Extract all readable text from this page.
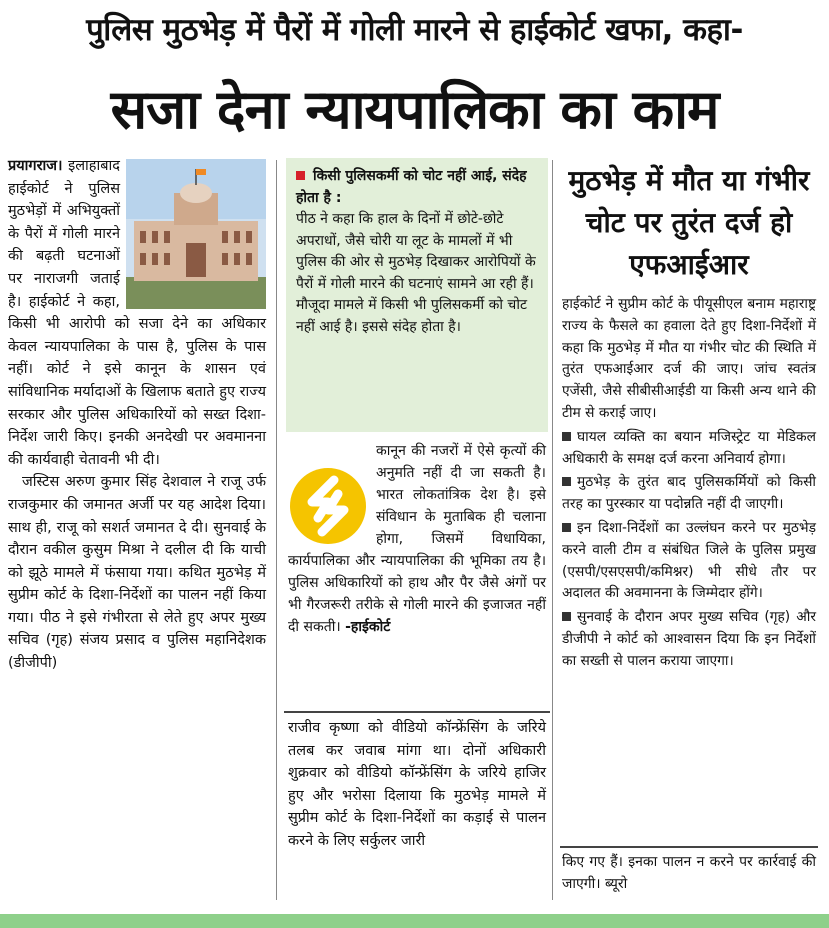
पुलिस मुठभेड़ में पैरों में गोली मारने से हाईकोर्ट खफा, कहा-
सजा देना न्यायपालिका का काम

प्रयागराज। इलाहाबाद हाईकोर्ट ने पुलिस मुठभेड़ों में अभियुक्तों के पैरों में गोली मारने की बढ़ती घटनाओं पर नाराजगी जताई है। हाईकोर्ट ने कहा, किसी भी आरोपी को सजा देने का अधिकार केवल न्यायपालिका के पास है, पुलिस के पास नहीं। कोर्ट ने इसे कानून के शासन एवं सांविधानिक मर्यादाओं के खिलाफ बताते हुए राज्य सरकार और पुलिस अधिकारियों को सख्त दिशा-निर्देश जारी किए। इनकी अनदेखी पर अवमानना की कार्यवाही चेतावनी भी दी।

जस्टिस अरुण कुमार सिंह देशवाल ने राजू उर्फ राजकुमार की जमानत अर्जी पर यह आदेश दिया। साथ ही, राजू को सशर्त जमानत दे दी। सुनवाई के दौरान वकील कुसुम मिश्रा ने दलील दी कि याची को झूठे मामले में फंसाया गया। कथित मुठभेड़ में सुप्रीम कोर्ट के दिशा-निर्देशों का पालन नहीं किया गया। पीठ ने इसे गंभीरता से लेते हुए अपर मुख्य सचिव (गृह) संजय प्रसाद व पुलिस महानिदेशक (डीजीपी)

किसी पुलिसकर्मी को चोट नहीं आई, संदेह होता है :
पीठ ने कहा कि हाल के दिनों में छोटे-छोटे अपराधों, जैसे चोरी या लूट के मामलों में भी पुलिस की ओर से मुठभेड़ दिखाकर आरोपियों के पैरों में गोली मारने की घटनाएं सामने आ रही हैं। मौजूदा मामले में किसी भी पुलिसकर्मी को चोट नहीं आई है। इससे संदेह होता है।
कानून की नजरों में ऐसे कृत्यों की अनुमति नहीं दी जा सकती है। भारत लोकतांत्रिक देश है। इसे संविधान के मुताबिक ही चलाना होगा, जिसमें विधायिका, कार्यपालिका और न्यायपालिका की भूमिका तय है। पुलिस अधिकारियों को हाथ और पैर जैसे अंगों पर भी गैरजरूरी तरीके से गोली मारने की इजाजत नहीं दी सकती। -हाईकोर्ट
राजीव कृष्णा को वीडियो कॉन्फ्रेंसिंग के जरिये तलब कर जवाब मांगा था। दोनों अधिकारी शुक्रवार को वीडियो कॉन्फ्रेंसिंग के जरिये हाजिर हुए और भरोसा दिलाया कि मुठभेड़ मामले में सुप्रीम कोर्ट के दिशा-निर्देशों का कड़ाई से पालन करने के लिए सर्कुलर जारी
मुठभेड़ में मौत या गंभीर चोट पर तुरंत दर्ज हो एफआईआर

हाईकोर्ट ने सुप्रीम कोर्ट के पीयूसीएल बनाम महाराष्ट्र राज्य के फैसले का हवाला देते हुए दिशा-निर्देशों में कहा कि मुठभेड़ में मौत या गंभीर चोट की स्थिति में तुरंत एफआईआर दर्ज की जाए। जांच स्वतंत्र एजेंसी, जैसे सीबीसीआईडी या किसी अन्य थाने की टीम से कराई जाए।

घायल व्यक्ति का बयान मजिस्ट्रेट या मेडिकल अधिकारी के समक्ष दर्ज करना अनिवार्य होगा।

मुठभेड़ के तुरंत बाद पुलिसकर्मियों को किसी तरह का पुरस्कार या पदोन्नति नहीं दी जाएगी।

इन दिशा-निर्देशों का उल्लंघन करने पर मुठभेड़ करने वाली टीम व संबंधित जिले के पुलिस प्रमुख (एसपी/एसएसपी/कमिश्नर) भी सीधे तौर पर अदालत की अवमानना के जिम्मेदार होंगे।

सुनवाई के दौरान अपर मुख्य सचिव (गृह) और डीजीपी ने कोर्ट को आश्वासन दिया कि इन निर्देशों का सख्ती से पालन कराया जाएगा।

किए गए हैं। इनका पालन न करने पर कार्रवाई की जाएगी। ब्यूरो
